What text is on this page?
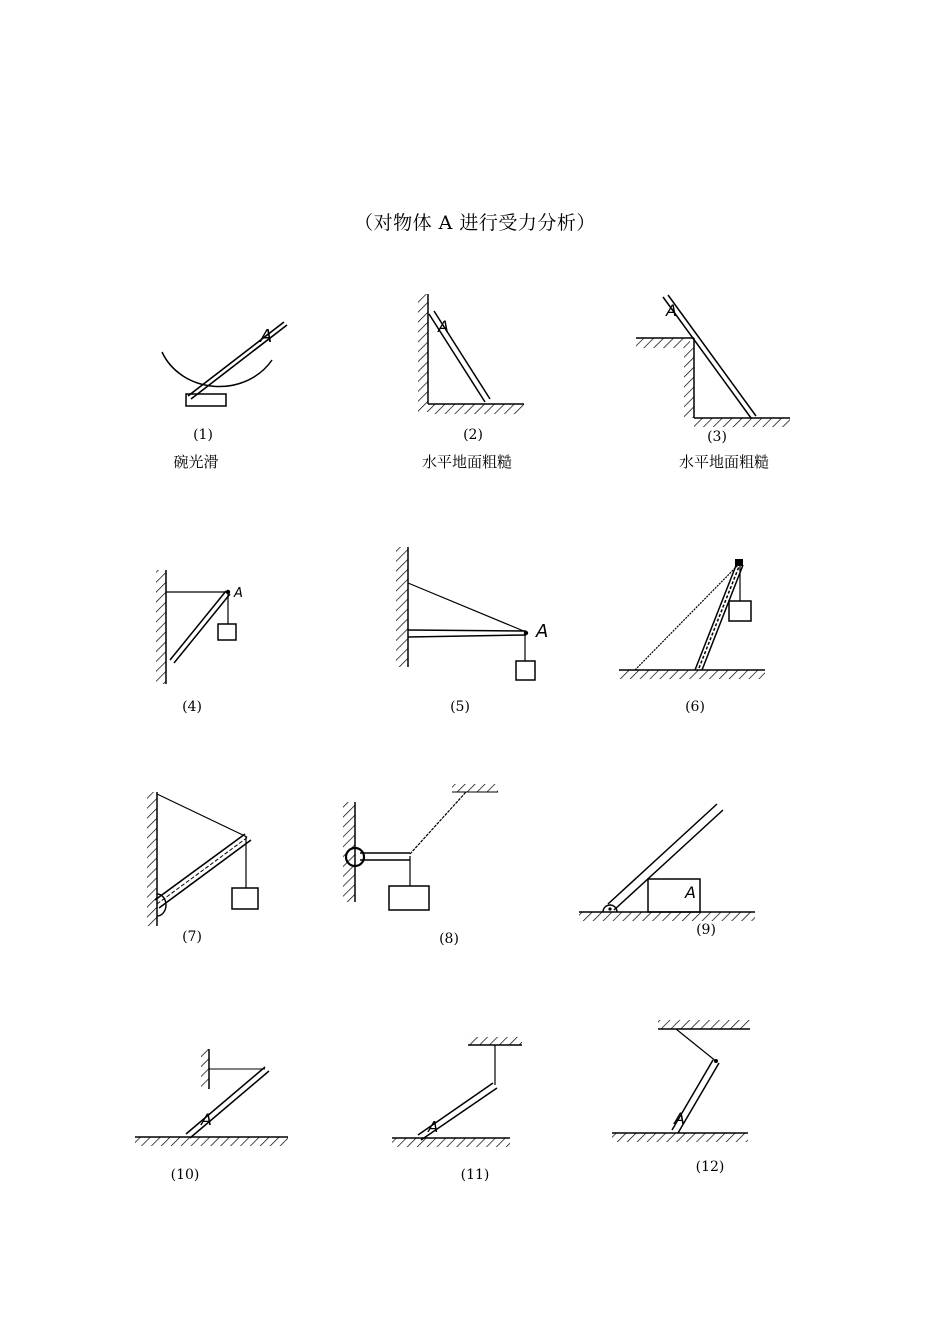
（对物体 A 进行受力分析）
A
(1)
碗光滑
A
(2)
水平地面粗糙
A
(3)
水平地面粗糙
A
(4)
A
(5)	(6)
(7)	(8)
A
(9)
A
(10)
A
(11)
A
(12)
